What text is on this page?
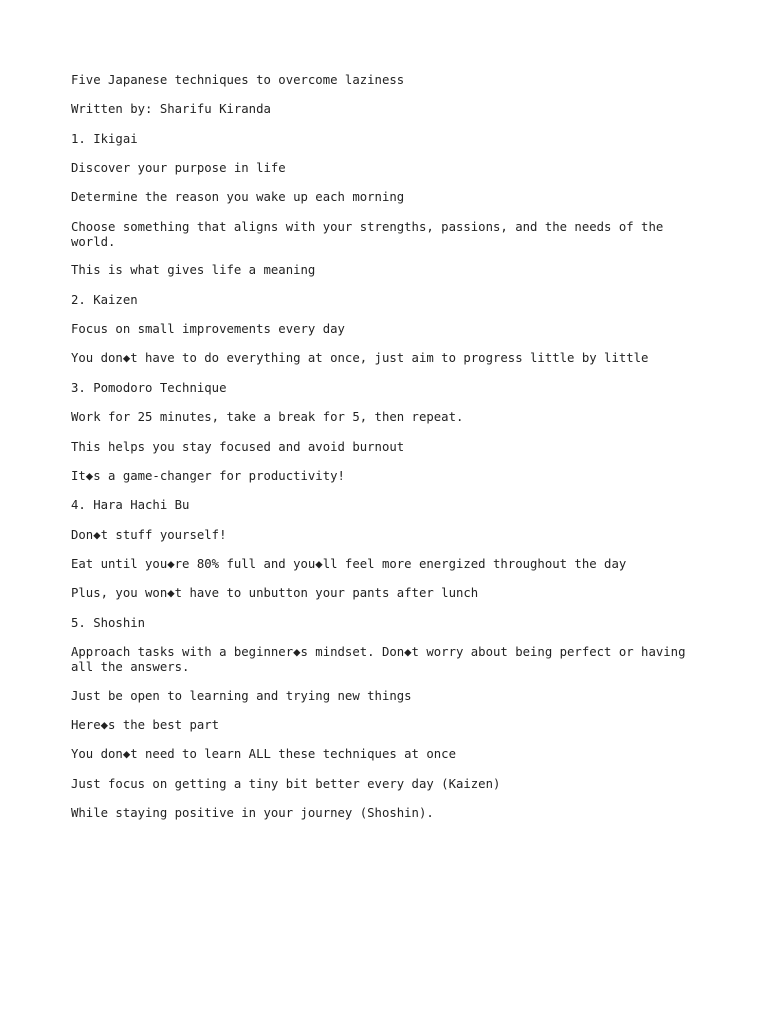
Five Japanese techniques to overcome laziness

Written by: Sharifu Kiranda

1. Ikigai

Discover your purpose in life

Determine the reason you wake up each morning

Choose something that aligns with your strengths, passions, and the needs of the world.

This is what gives life a meaning

2. Kaizen

Focus on small improvements every day

You don◆t have to do everything at once, just aim to progress little by little

3. Pomodoro Technique

Work for 25 minutes, take a break for 5, then repeat.

This helps you stay focused and avoid burnout

It◆s a game-changer for productivity!

4. Hara Hachi Bu

Don◆t stuff yourself!

Eat until you◆re 80% full and you◆ll feel more energized throughout the day

Plus, you won◆t have to unbutton your pants after lunch

5. Shoshin

Approach tasks with a beginner◆s mindset. Don◆t worry about being perfect or having all the answers.

Just be open to learning and trying new things

Here◆s the best part

You don◆t need to learn ALL these techniques at once

Just focus on getting a tiny bit better every day (Kaizen)

While staying positive in your journey (Shoshin).
